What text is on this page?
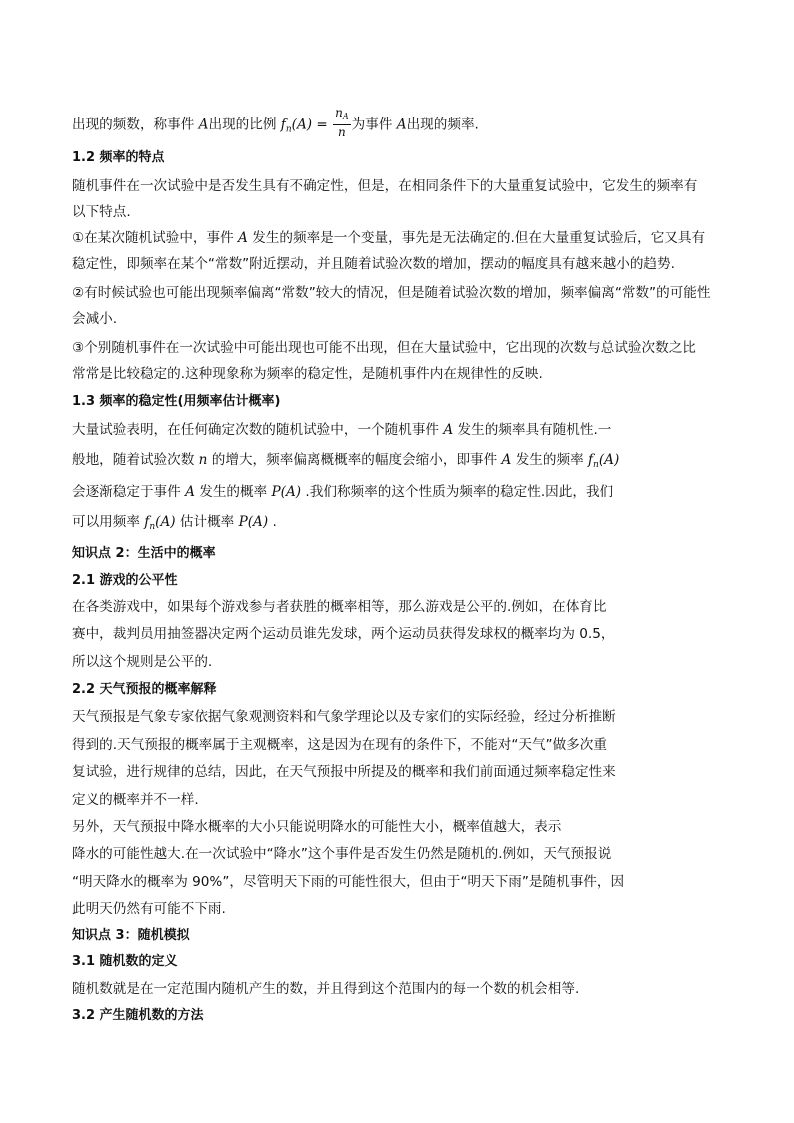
出现的频数，称事件 A出现的比例 $f_n(A) = \frac{nA}{n}$ 为事件 A出现的频率.
1.2 频率的特点
随机事件在一次试验中是否发生具有不确定性，但是，在相同条件下的大量重复试验中，它发生的频率有
以下特点.
①在某次随机试验中，事件 A 发生的频率是一个变量，事先是无法确定的.但在大量重复试验后，它又具有
稳定性，即频率在某个“常数”附近摆动，并且随着试验次数的增加，摆动的幅度具有越来越小的趋势.
②有时候试验也可能出现频率偏离“常数”较大的情况，但是随着试验次数的增加，频率偏离“常数”的可能性
会减小.
③个别随机事件在一次试验中可能出现也可能不出现，但在大量试验中，它出现的次数与总试验次数之比
常常是比较稳定的.这种现象称为频率的稳定性，是随机事件内在规律性的反映.
1.3 频率的稳定性(用频率估计概率)
大量试验表明，在任何确定次数的随机试验中，一个随机事件 A 发生的频率具有随机性.一
般地，随着试验次数 n 的增大，频率偏离概概率的幅度会缩小，即事件 A 发生的频率 $f_n(A)$
会逐渐稳定于事件 A 发生的概率 P(A) .我们称频率的这个性质为频率的稳定性.因此，我们
可以用频率 $f_n(A)$ 估计概率 P(A) .
知识点 2：生活中的概率
2.1 游戏的公平性
在各类游戏中，如果每个游戏参与者获胜的概率相等，那么游戏是公平的.例如，在体育比
赛中，裁判员用抽签器决定两个运动员谁先发球，两个运动员获得发球权的概率均为 0.5，
所以这个规则是公平的.
2.2 天气预报的概率解释
天气预报是气象专家依据气象观测资料和气象学理论以及专家们的实际经验，经过分析推断
得到的.天气预报的概率属于主观概率，这是因为在现有的条件下，不能对“天气”做多次重
复试验，进行规律的总结，因此，在天气预报中所提及的概率和我们前面通过频率稳定性来
定义的概率并不一样.
另外，天气预报中降水概率的大小只能说明降水的可能性大小，概率值越大，表示
降水的可能性越大.在一次试验中“降水”这个事件是否发生仍然是随机的.例如，天气预报说
“明天降水的概率为 90%”，尽管明天下雨的可能性很大，但由于“明天下雨”是随机事件，因
此明天仍然有可能不下雨.
知识点 3：随机模拟
3.1 随机数的定义
随机数就是在一定范围内随机产生的数，并且得到这个范围内的每一个数的机会相等.
3.2 产生随机数的方法
